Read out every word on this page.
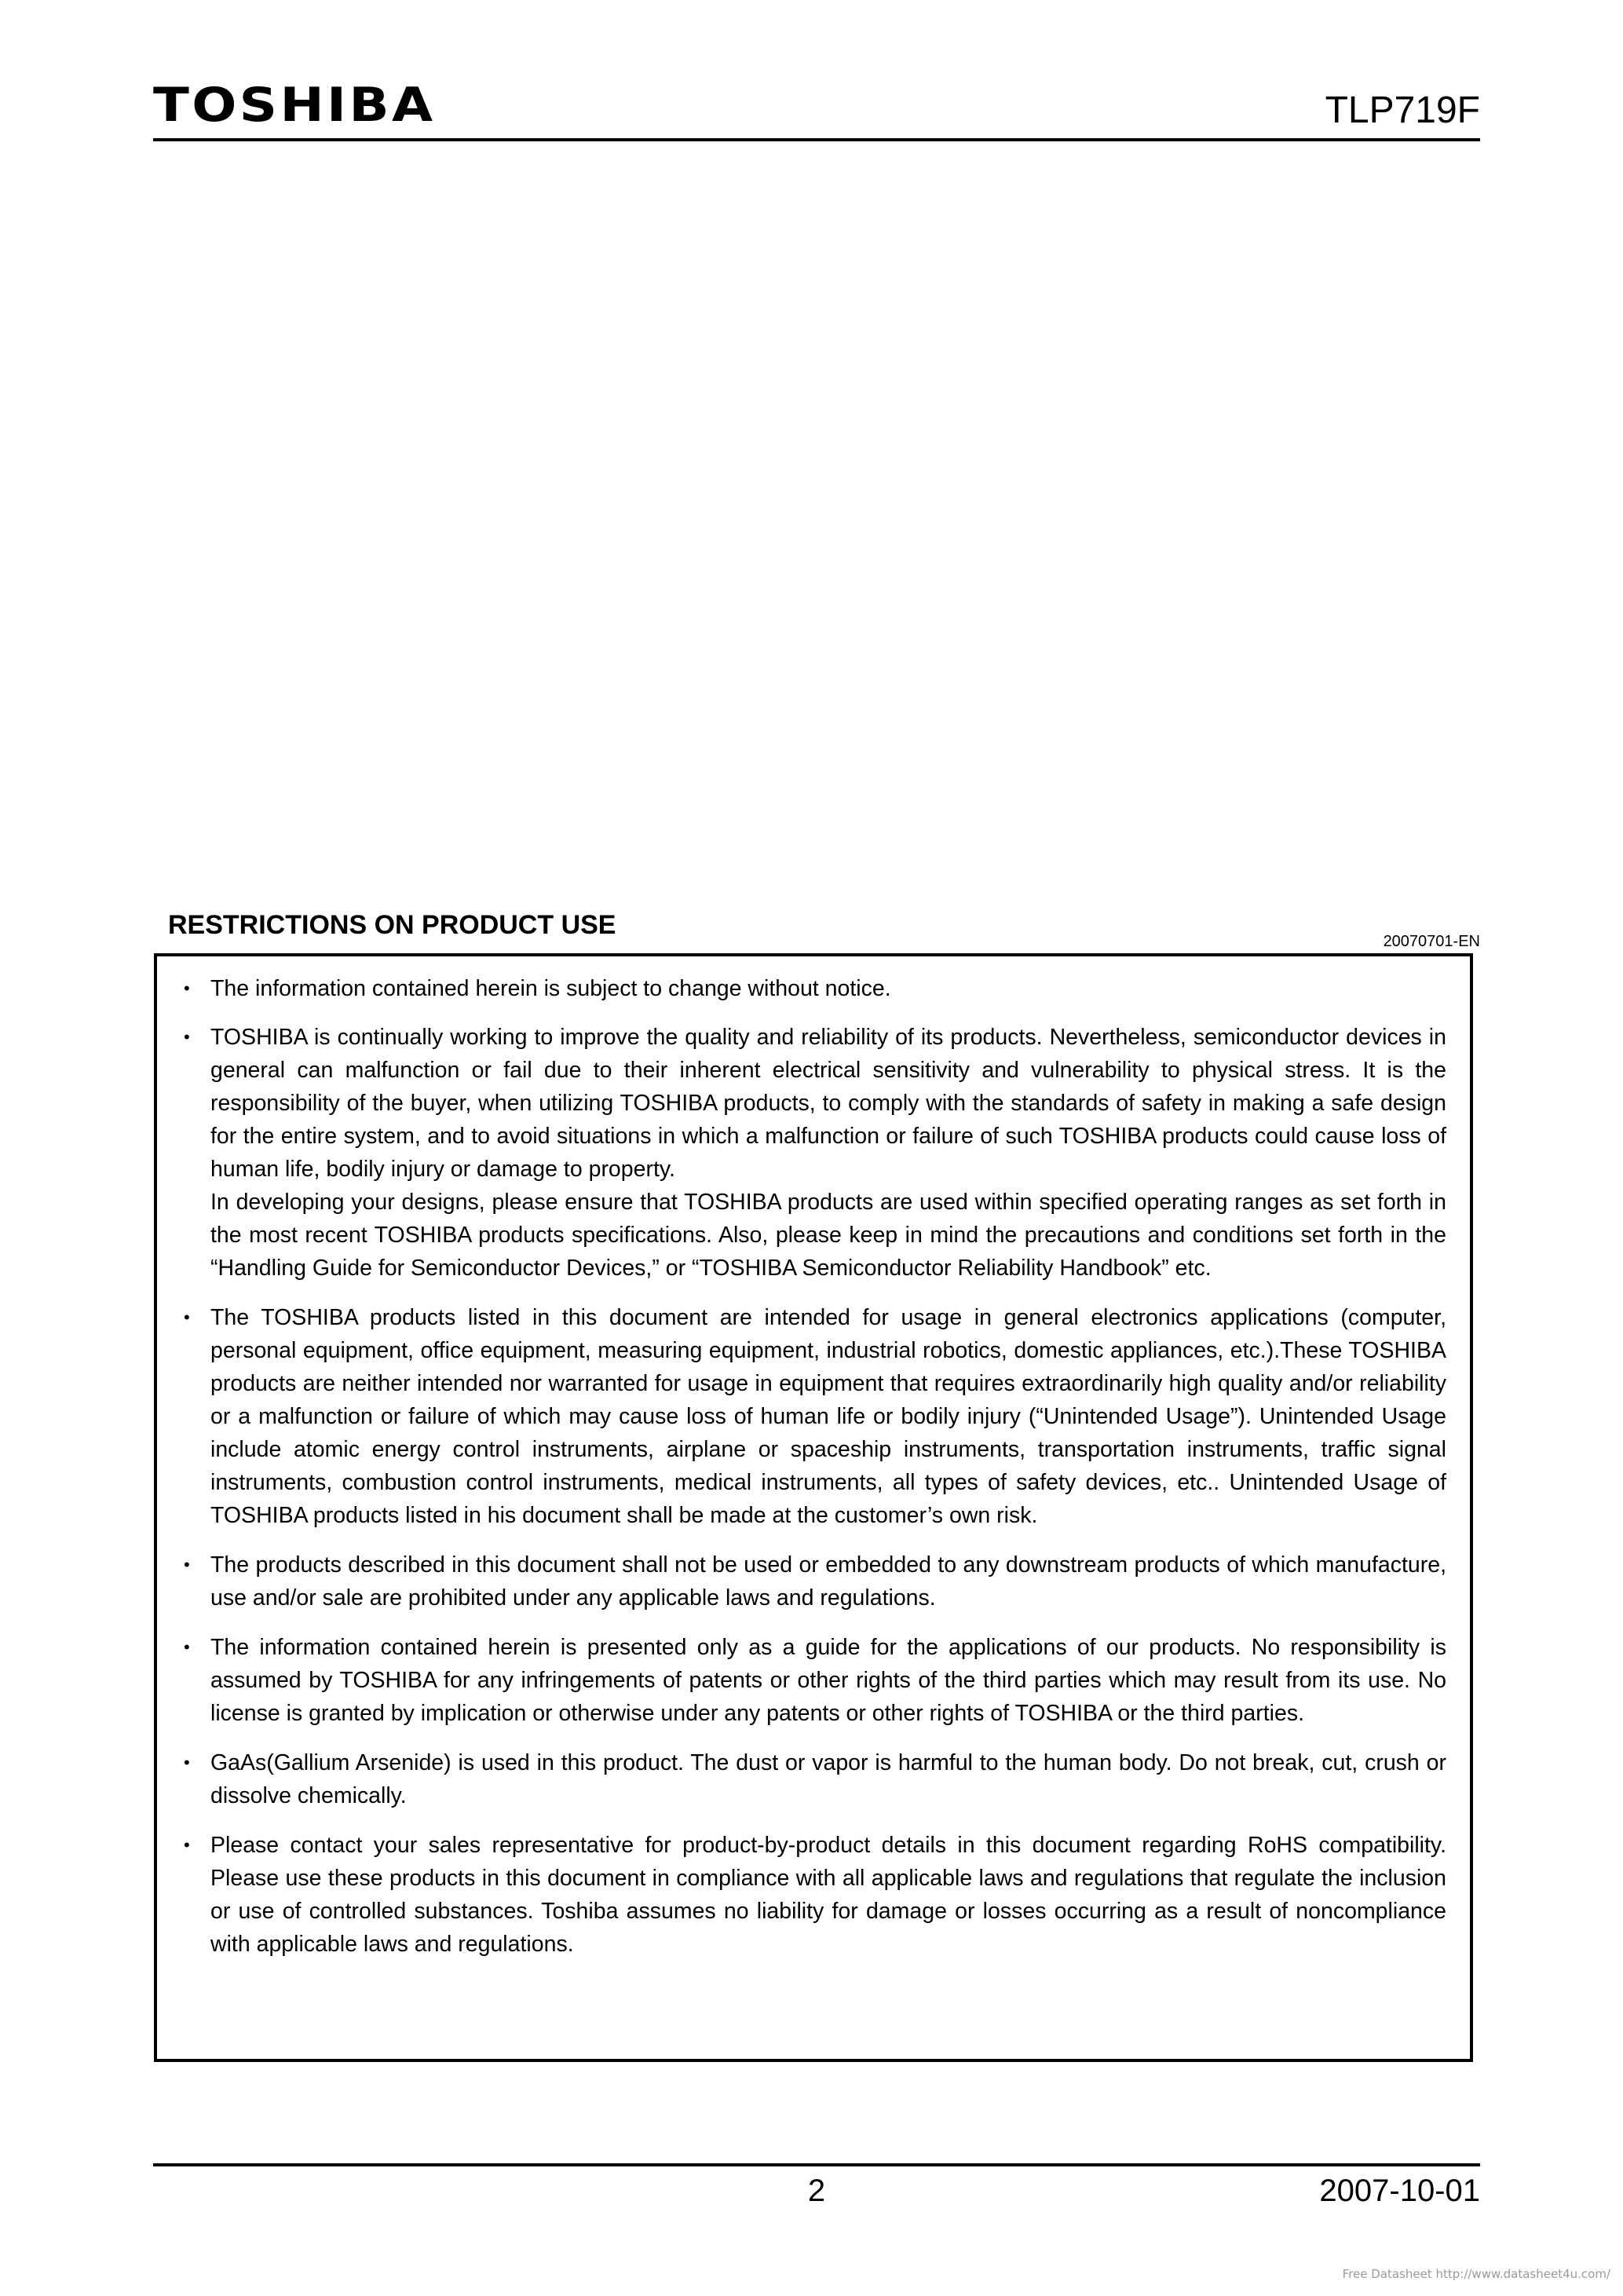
TOSHIBA	TLP719F
RESTRICTIONS ON PRODUCT USE
20070701-EN
• The information contained herein is subject to change without notice.

• TOSHIBA is continually working to improve the quality and reliability of its products. Nevertheless, semiconductor devices in general can malfunction or fail due to their inherent electrical sensitivity and vulnerability to physical stress. It is the responsibility of the buyer, when utilizing TOSHIBA products, to comply with the standards of safety in making a safe design for the entire system, and to avoid situations in which a malfunction or failure of such TOSHIBA products could cause loss of human life, bodily injury or damage to property.

In developing your designs, please ensure that TOSHIBA products are used within specified operating ranges as set forth in the most recent TOSHIBA products specifications. Also, please keep in mind the precautions and conditions set forth in the “Handling Guide for Semiconductor Devices,” or “TOSHIBA Semiconductor Reliability Handbook” etc.

• The TOSHIBA products listed in this document are intended for usage in general electronics applications (computer, personal equipment, office equipment, measuring equipment, industrial robotics, domestic appliances, etc.).These TOSHIBA products are neither intended nor warranted for usage in equipment that requires extraordinarily high quality and/or reliability or a malfunction or failure of which may cause loss of human life or bodily injury (“Unintended Usage”). Unintended Usage include atomic energy control instruments, airplane or spaceship instruments, transportation instruments, traffic signal instruments, combustion control instruments, medical instruments, all types of safety devices, etc.. Unintended Usage of TOSHIBA products listed in his document shall be made at the customer’s own risk.

• The products described in this document shall not be used or embedded to any downstream products of which manufacture, use and/or sale are prohibited under any applicable laws and regulations.

• The information contained herein is presented only as a guide for the applications of our products. No responsibility is assumed by TOSHIBA for any infringements of patents or other rights of the third parties which may result from its use. No license is granted by implication or otherwise under any patents or other rights of TOSHIBA or the third parties.

• GaAs(Gallium Arsenide) is used in this product. The dust or vapor is harmful to the human body. Do not break, cut, crush or dissolve chemically.

• Please contact your sales representative for product-by-product details in this document regarding RoHS compatibility. Please use these products in this document in compliance with all applicable laws and regulations that regulate the inclusion or use of controlled substances. Toshiba assumes no liability for damage or losses occurring as a result of noncompliance with applicable laws and regulations.

2	2007-10-01
Free Datasheet http://www.datasheet4u.com/
